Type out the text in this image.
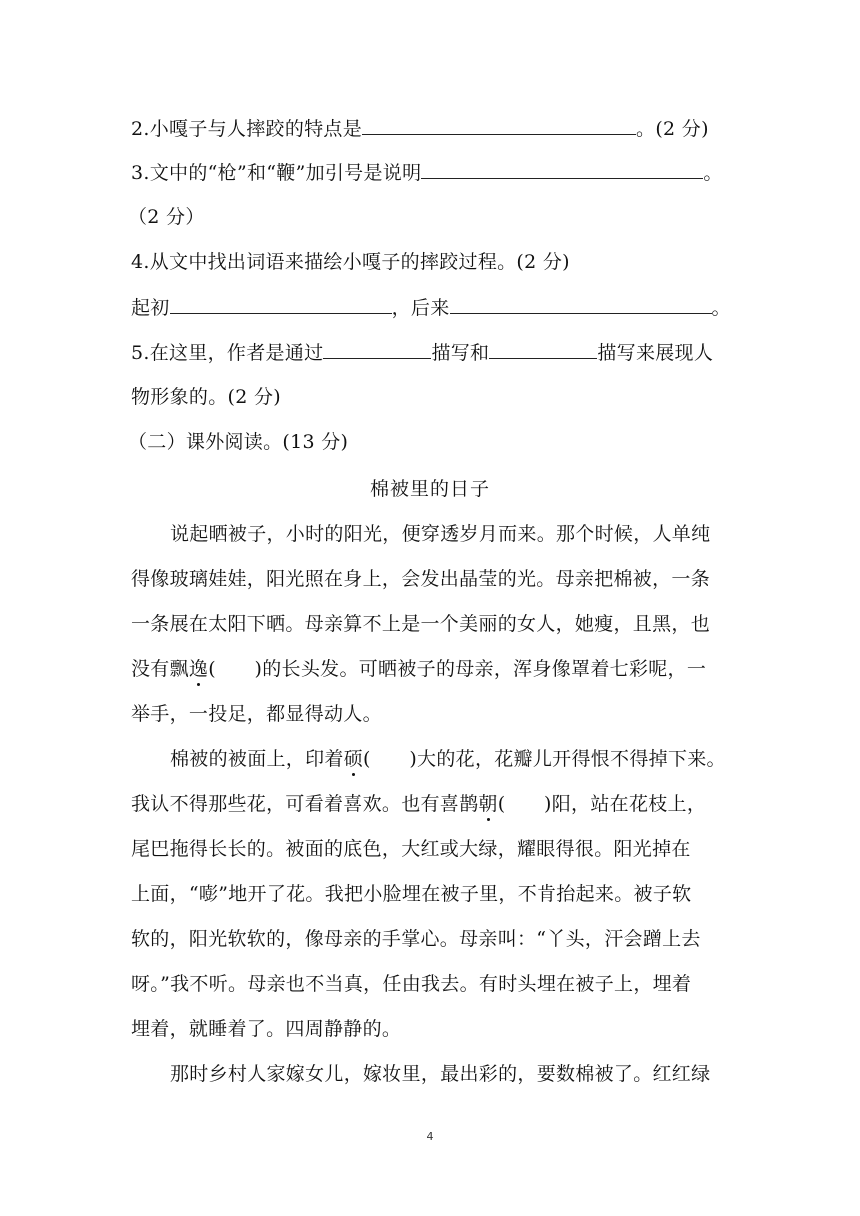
2.小嘎子与人摔跤的特点是	。(2 分)
3.文中的“枪”和“鞭”加引号是说明	。
（2 分）
4.从文中找出词语来描绘小嘎子的摔跤过程。(2 分)
起初	，后来	。
5.在这里，作者是通过	描写和	描写来展现人
物形象的。(2 分)
（二）课外阅读。(13 分)
棉被里的日子
说起晒被子，小时的阳光，便穿透岁月而来。那个时候，人单纯
得像玻璃娃娃，阳光照在身上，会发出晶莹的光。母亲把棉被，一条
一条展在太阳下晒。母亲算不上是一个美丽的女人，她瘦，且黑，也
没有飘逸(　　)的长头发。可晒被子的母亲，浑身像罩着七彩呢，一
举手，一投足，都显得动人。
棉被的被面上，印着硕(　　)大的花，花瓣儿开得恨不得掉下来。
我认不得那些花，可看着喜欢。也有喜鹊朝(　　)阳，站在花枝上，
尾巴拖得长长的。被面的底色，大红或大绿，耀眼得很。阳光掉在
上面，“嘭”地开了花。我把小脸埋在被子里，不肯抬起来。被子软
软的，阳光软软的，像母亲的手掌心。母亲叫：“丫头，汗会蹭上去
呀。”我不听。母亲也不当真，任由我去。有时头埋在被子上，埋着
埋着，就睡着了。四周静静的。
那时乡村人家嫁女儿，嫁妆里，最出彩的，要数棉被了。红红绿
4
